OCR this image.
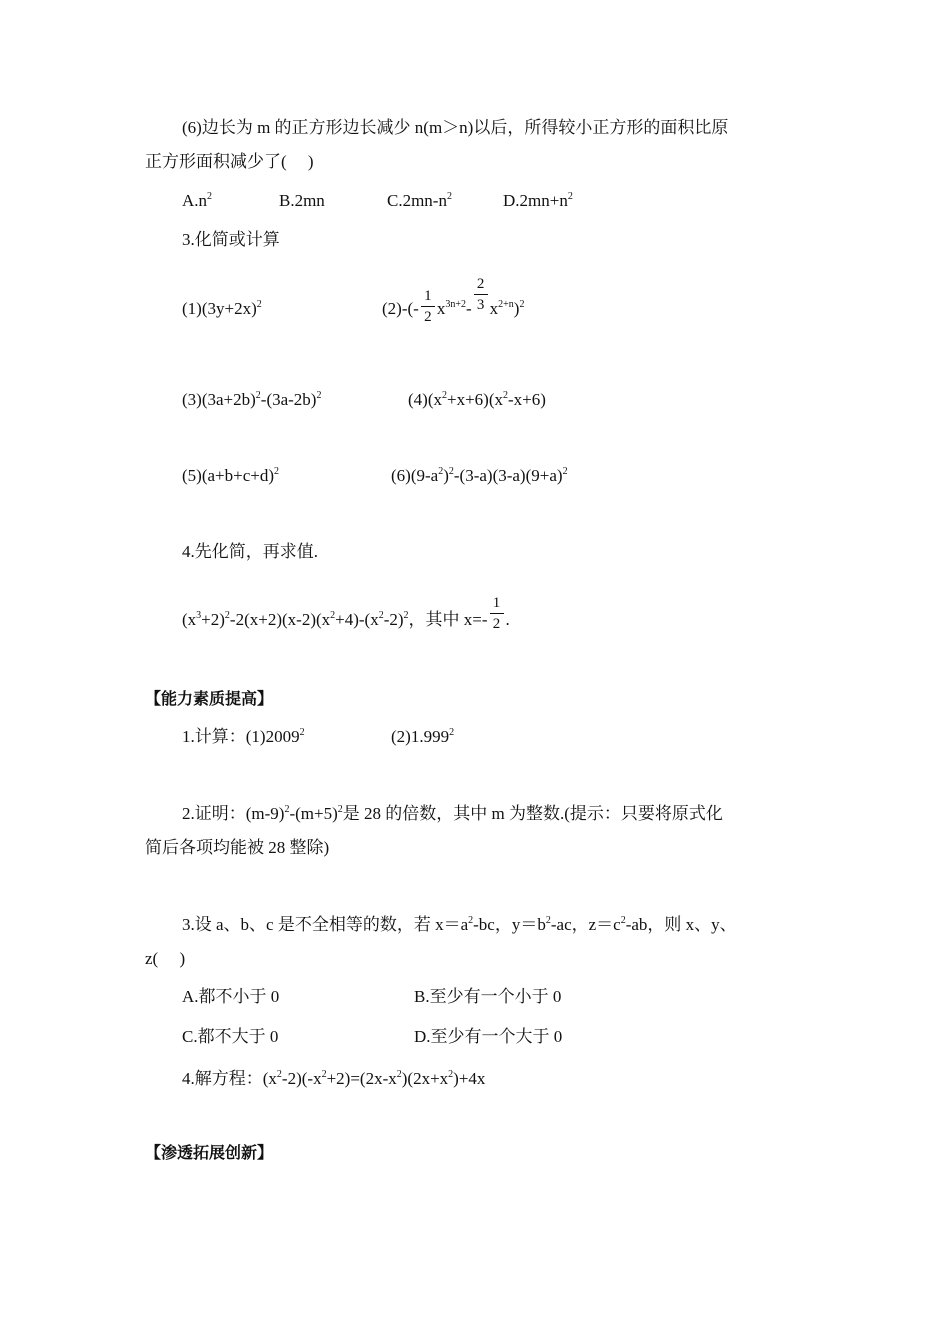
(6)边长为 m 的正方形边长减少 n(m＞n)以后，所得较小正方形的面积比原
正方形面积减少了(　 )
$A.n^2$	B.2mn	$C.2mn-n^2$	$D.2mn+n^2$
3.化简或计算
$(1)(3y+2x)^2$	$(2)-(- \frac{1}{2} x^{3n+2}- \frac{2}{3} x^{2+n})^2$
$(3)(3a+2b)^2-(3a-2b)^2$	$(4)(x^2+x+6)(x^2-x+6)$
$(5)(a+b+c+d)^2$	$(6)(9-a^2)^2-(3-a)(3-a)(9+a)^2$
4.先化简，再求值.
$(x^3+2)^2-2(x+2)(x-2)(x^2+4)-(x^2-2)^2$，其中 $x=- \frac{1}{2}$ .
【能力素质提高】
1.计算：(1)2009$^2$	(2)1.999$^2$
2.证明：$(m-9)^2-(m+5)^2$是 28 的倍数，其中 m 为整数.(提示：只要将原式化
简后各项均能被 28 整除)
3.设 a、b、c 是不全相等的数，若 $x=a^2-bc$，$y=b^2-ac$，$z=c^2-ab$，则 x、y、
z(　 )
A.都不小于 0	B.至少有一个小于 0
C.都不大于 0	D.至少有一个大于 0
4.解方程：$(x^2-2)(-x^2+2)=(2x-x^2)(2x+x^2)+4x$
【渗透拓展创新】
